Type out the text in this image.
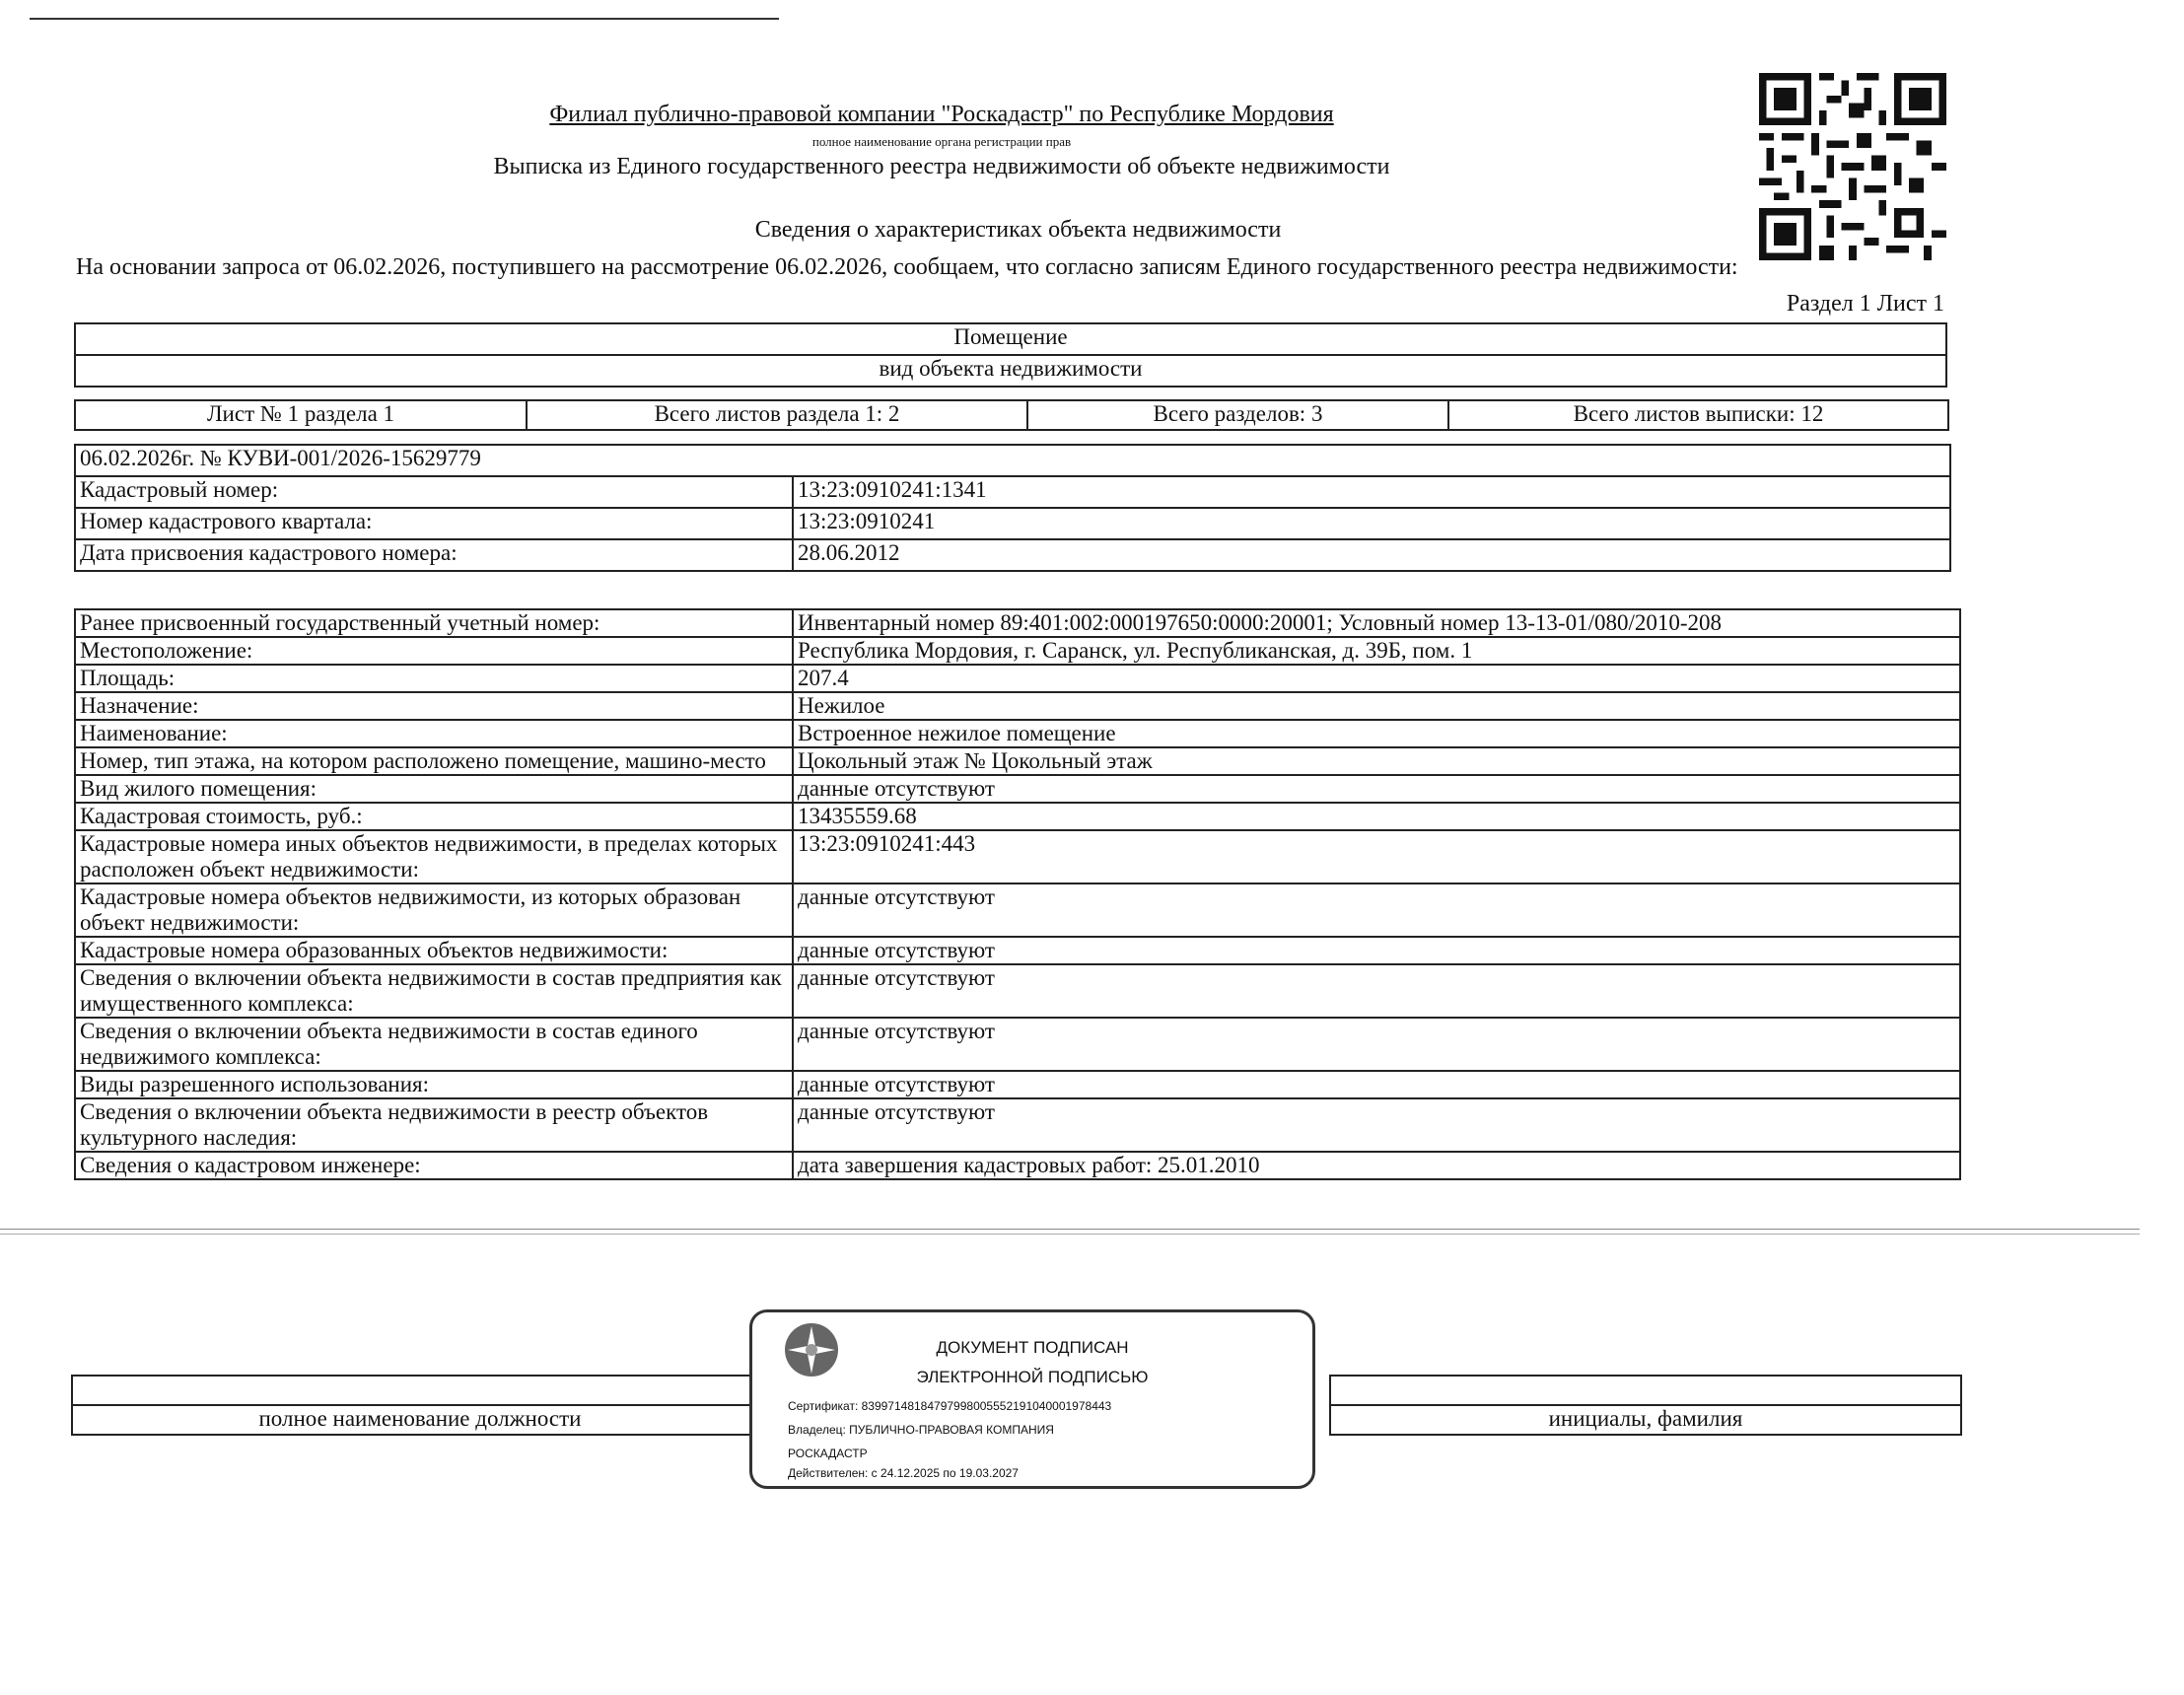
Филиал публично-правовой компании "Роскадастр" по Республике Мордовия
полное наименование органа регистрации прав
Выписка из Единого государственного реестра недвижимости об объекте недвижимости
Сведения о характеристиках объекта недвижимости
На основании запроса от 06.02.2026, поступившего на рассмотрение 06.02.2026, сообщаем, что согласно записям Единого государственного реестра недвижимости:
Раздел 1 Лист 1
Помещение
вид объекта недвижимости
Лист № 1 раздела 1	Всего листов раздела 1: 2	Всего разделов: 3	Всего листов выписки: 12
06.02.2026г. № КУВИ-001/2026-15629779	
Кадастровый номер:	13:23:0910241:1341
Номер кадастрового квартала:	13:23:0910241
Дата присвоения кадастрового номера:	28.06.2012
Ранее присвоенный государственный учетный номер:	Инвентарный номер 89:401:002:000197650:0000:20001; Условный номер 13-13-01/080/2010-208
Местоположение:	Республика Мордовия, г. Саранск, ул. Республиканская, д. 39Б, пом. 1
Площадь:	207.4
Назначение:	Нежилое
Наименование:	Встроенное нежилое помещение
Номер, тип этажа, на котором расположено помещение, машино-место	Цокольный этаж № Цокольный этаж
Вид жилого помещения:	данные отсутствуют
Кадастровая стоимость, руб.:	13435559.68
Кадастровые номера иных объектов недвижимости, в пределах которых расположен объект недвижимости:	13:23:0910241:443
Кадастровые номера объектов недвижимости, из которых образован объект недвижимости:	данные отсутствуют
Кадастровые номера образованных объектов недвижимости:	данные отсутствуют
Сведения о включении объекта недвижимости в состав предприятия как имущественного комплекса:	данные отсутствуют
Сведения о включении объекта недвижимости в состав единого недвижимого комплекса:	данные отсутствуют
Виды разрешенного использования:	данные отсутствуют
Сведения о включении объекта недвижимости в реестр объектов культурного наследия:	данные отсутствуют
Сведения о кадастровом инженере:	дата завершения кадастровых работ: 25.01.2010

полное наименование должности		инициалы, фамилия
ДОКУМЕНТ ПОДПИСАН
ЭЛЕКТРОННОЙ ПОДПИСЬЮ
Сертификат: 83997148184797998005552191040001978443
Владелец: ПУБЛИЧНО-ПРАВОВАЯ КОМПАНИЯ
РОСКАДАСТР
Действителен: с 24.12.2025 по 19.03.2027
